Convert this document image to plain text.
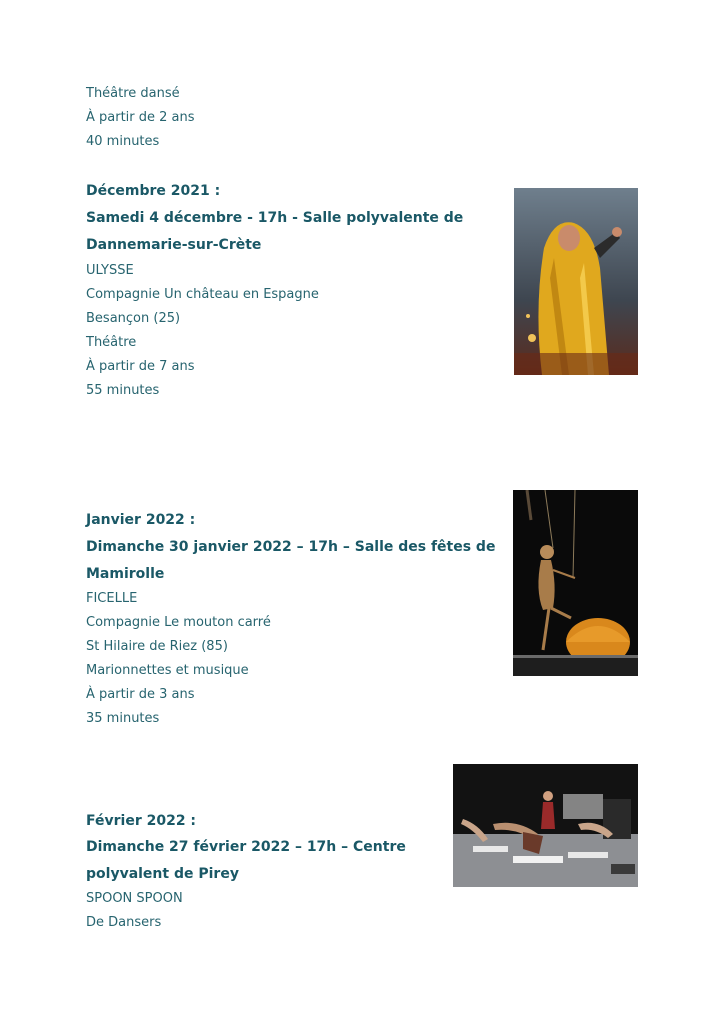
Théâtre dansé
À partir de 2 ans
40 minutes
Décembre 2021 :
Samedi 4 décembre - 17h - Salle polyvalente de
Dannemarie-sur-Crète
ULYSSE
Compagnie Un château en Espagne
Besançon (25)
Théâtre
À partir de 7 ans
55 minutes
Janvier 2022 :
Dimanche 30 janvier 2022 – 17h – Salle des fêtes de
Mamirolle
FICELLE
Compagnie Le mouton carré
St Hilaire de Riez (85)
Marionnettes et musique
À partir de 3 ans
35 minutes
Février 2022 :
Dimanche 27 février 2022 – 17h – Centre
polyvalent de Pirey
SPOON SPOON
De Dansers
